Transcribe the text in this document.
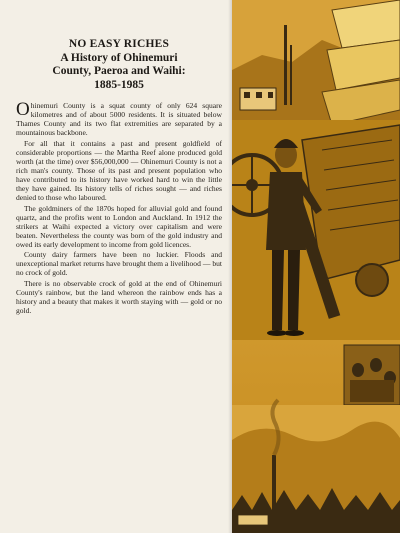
NO EASY RICHES
A History of Ohinemuri
County, Paeroa and Waihi:
1885-1985

Ohinemuri County is a squat county of only 624 square kilometres and of about 5000 residents. It is situated below Thames County and its two flat extremities are separated by a mountainous backbone.

For all that it contains a past and present goldfield of considerable proportions — the Martha Reef alone produced gold worth (at the time) over $56,000,000 — Ohinemuri County is not a rich man's county. Those of its past and present population who have contributed to its history have worked hard to win the little they have gained. Its history tells of riches sought — and riches denied to those who laboured.

The goldminers of the 1870s hoped for alluvial gold and found quartz, and the profits went to London and Auckland. In 1912 the strikers at Waihi expected a victory over capitalism and were beaten. Nevertheless the county was born of the gold industry and owed its early development to income from gold licences.

County dairy farmers have been no luckier. Floods and unexceptional market returns have brought them a livelihood — but no crock of gold.

There is no observable crock of gold at the end of Ohinemuri County's rainbow, but the land whereon the rainbow ends has a history and a beauty that makes it worth staying with — gold or no gold.
